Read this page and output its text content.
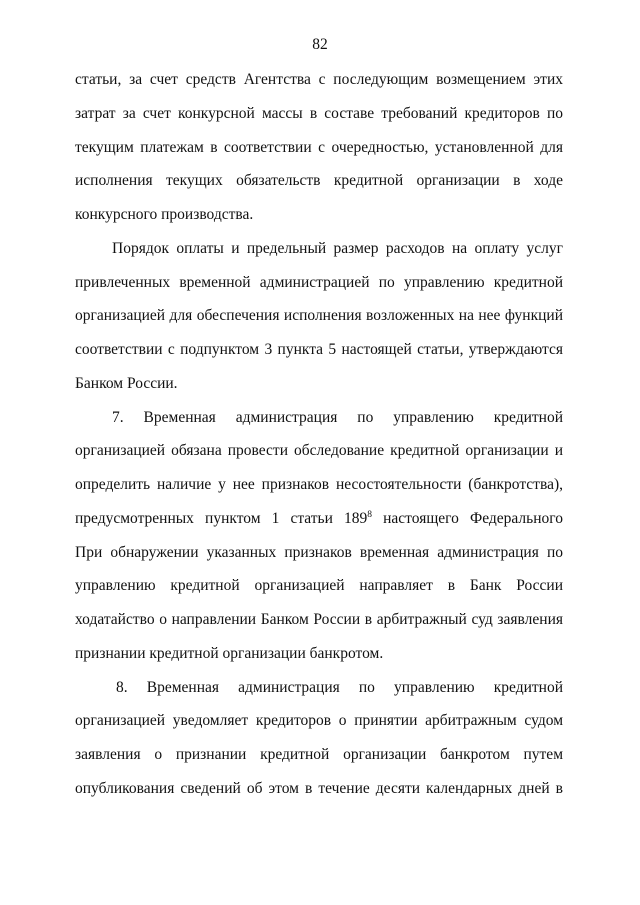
82
статьи, за счет средств Агентства с последующим возмещением этих
затрат за счет конкурсной массы в составе требований кредиторов по
текущим платежам в соответствии с очередностью, установленной для
исполнения текущих обязательств кредитной организации в ходе
конкурсного производства.
Порядок оплаты и предельный размер расходов на оплату услуг
привлеченных временной администрацией по управлению кредитной
организацией для обеспечения исполнения возложенных на нее функций
соответствии с подпунктом 3 пункта 5 настоящей статьи, утверждаются
Банком России.
7. Временная администрация по управлению кредитной
организацией обязана провести обследование кредитной организации и
определить наличие у нее признаков несостоятельности (банкротства),
предусмотренных пунктом 1 статьи $189^8$ настоящего Федерального
При обнаружении указанных признаков временная администрация по
управлению кредитной организацией направляет в Банк России
ходатайство о направлении Банком России в арбитражный суд заявления
признании кредитной организации банкротом.
8. Временная администрация по управлению кредитной
организацией уведомляет кредиторов о принятии арбитражным судом
заявления о признании кредитной организации банкротом путем
опубликования сведений об этом в течение десяти календарных дней в
